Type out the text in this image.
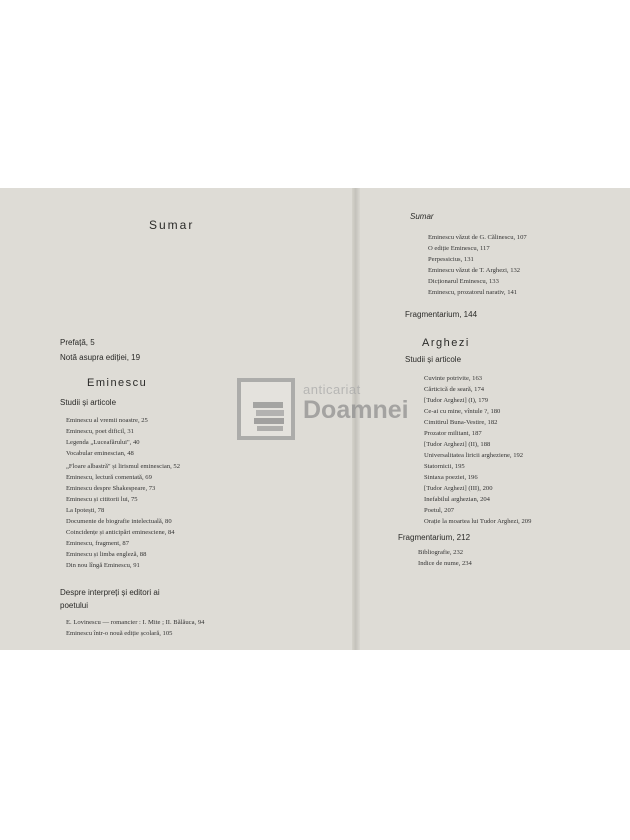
Sumar
Prefață, 5
Notă asupra ediției, 19
Eminescu
Studii și articole
Eminescu al vremii noastre, 25
Eminescu, poet dificil, 31
Legenda „Luceafărului", 40
Vocabular eminescian, 48
„Floare albastră" și lirismul eminescian, 52
Eminescu, lectură comentată, 69
Eminescu despre Shakespeare, 73
Eminescu și cititorii lui, 75
La Ipotești, 78
Documente de biografie intelectuală, 80
Coincidențe și anticipări eminesciene, 84
Eminescu, fragment, 87
Eminescu și limba engleză, 88
Din nou lîngă Eminescu, 91
Despre interpreți și editori ai
poetului
E. Lovinescu — romancier : I. Mite ; II. Bălăuca, 94
Eminescu într-o nouă ediție școlară, 105
Sumar
Eminescu văzut de G. Călinescu, 107
O ediție Eminescu, 117
Perpessicius, 131
Eminescu văzut de T. Arghezi, 132
Dicționarul Eminescu, 133
Eminescu, prozatorul narativ, 141
Fragmentarium, 144
Arghezi
Studii și articole
Cuvinte potrivite, 163
Cărticică de seară, 174
[Tudor Arghezi] (I), 179
Ce-ai cu mine, vîntule ?, 180
Cimitirul Buna-Vestire, 182
Prozator militant, 187
[Tudor Arghezi] (II), 188
Universalitatea liricii argheziene, 192
Statornicii, 195
Sintaxa poeziei, 196
[Tudor Arghezi] (III), 200
Inefabilul arghezian, 204
Poetul, 207
Orație la moartea lui Tudor Arghezi, 209
Fragmentarium, 212
Bibliografie, 232
Indice de nume, 234
anticariat
Doamnei
